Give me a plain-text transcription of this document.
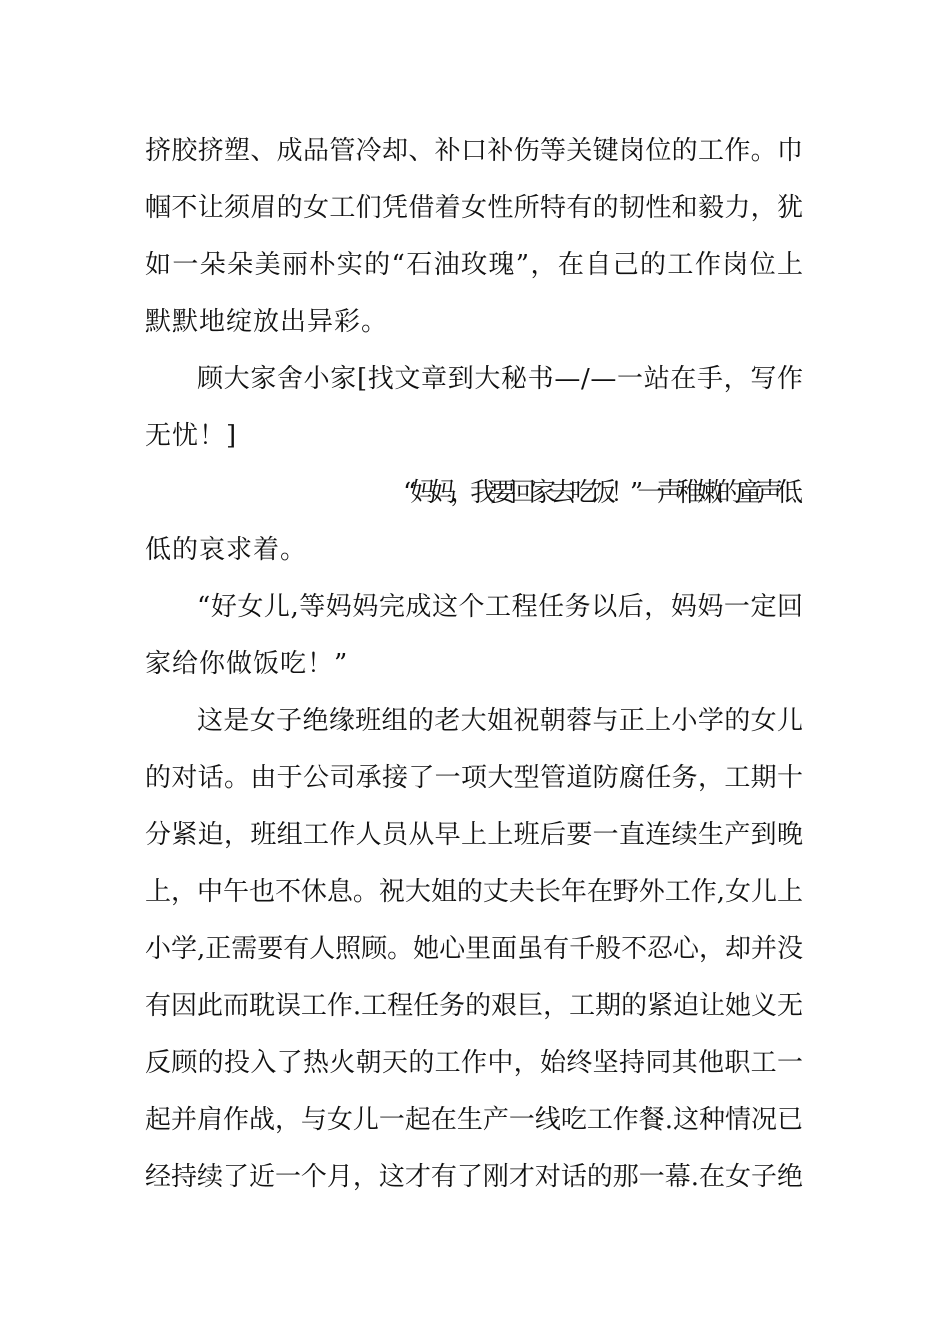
挤胶挤塑、成品管冷却、补口补伤等关键岗位的工作。巾
帼不让须眉的女工们凭借着女性所特有的韧性和毅力，犹
如一朵朵美丽朴实的“石油玫瑰”，在自己的工作岗位上
默默地绽放出异彩。
顾大家舍小家[找文章到大秘书—/—一站在手，写作
无忧！]
“妈妈，我要回家去吃饭！”一声稚嫩的童声低
低的哀求着。
“好女儿,等妈妈完成这个工程任务以后，妈妈一定回
家给你做饭吃！”
这是女子绝缘班组的老大姐祝朝蓉与正上小学的女儿
的对话。由于公司承接了一项大型管道防腐任务，工期十
分紧迫，班组工作人员从早上上班后要一直连续生产到晚
上，中午也不休息。祝大姐的丈夫长年在野外工作,女儿上
小学,正需要有人照顾。她心里面虽有千般不忍心，却并没
有因此而耽误工作.工程任务的艰巨，工期的紧迫让她义无
反顾的投入了热火朝天的工作中，始终坚持同其他职工一
起并肩作战，与女儿一起在生产一线吃工作餐.这种情况已
经持续了近一个月，这才有了刚才对话的那一幕.在女子绝
